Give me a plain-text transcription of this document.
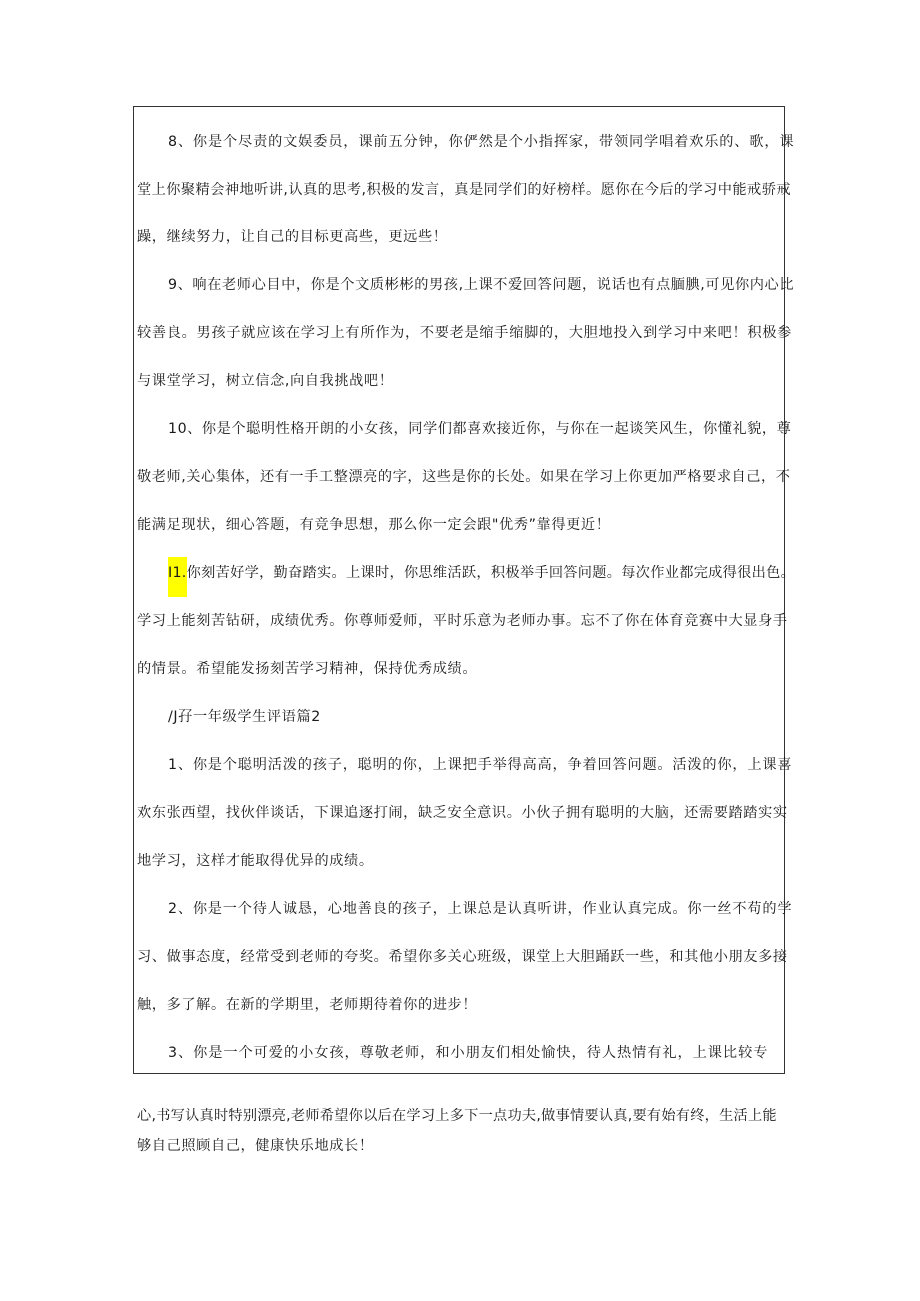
8、你是个尽责的文娱委员，课前五分钟，你俨然是个小指挥家，带领同学唱着欢乐的、歌，课
堂上你聚精会神地听讲,认真的思考,积极的发言，真是同学们的好榜样。愿你在今后的学习中能戒骄戒
躁，继续努力，让自己的目标更高些，更远些！
9、响在老师心目中，你是个文质彬彬的男孩,上课不爱回答问题，说话也有点腼腆,可见你内心比
较善良。男孩子就应该在学习上有所作为，不要老是缩手缩脚的，大胆地投入到学习中来吧！积极参
与课堂学习，树立信念,向自我挑战吧！
10、你是个聪明性格开朗的小女孩，同学们都喜欢接近你，与你在一起谈笑风生，你懂礼貌，尊
敬老师,关心集体，还有一手工整漂亮的字，这些是你的长处。如果在学习上你更加严格要求自己，不
能满足现状，细心答题，有竞争思想，那么你一定会跟"优秀”靠得更近！
I1.你刻苦好学，勤奋踏实。上课时，你思维活跃，积极举手回答问题。每次作业都完成得很出色。
学习上能刻苦钻研，成绩优秀。你尊师爱师，平时乐意为老师办事。忘不了你在体育竞赛中大显身手
的情景。希望能发扬刻苦学习精神，保持优秀成绩。
/J孖一年级学生评语篇2
1、你是个聪明活泼的孩子，聪明的你，上课把手举得高高，争着回答问题。活泼的你，上课喜
欢东张西望，找伙伴谈话，下课追逐打闹，缺乏安全意识。小伙子拥有聪明的大脑，还需要踏踏实实
地学习，这样才能取得优异的成绩。
2、你是一个待人诚恳，心地善良的孩子，上课总是认真听讲，作业认真完成。你一丝不苟的学
习、做事态度，经常受到老师的夸奖。希望你多关心班级，课堂上大胆踊跃一些，和其他小朋友多接
触，多了解。在新的学期里，老师期待着你的进步！
3、你是一个可爱的小女孩，尊敬老师，和小朋友们相处愉快，待人热情有礼，上课比较专
心,书写认真时特别漂亮,老师希望你以后在学习上多下一点功夫,做事情要认真,要有始有终，生活上能
够自己照顾自己，健康快乐地成长！
